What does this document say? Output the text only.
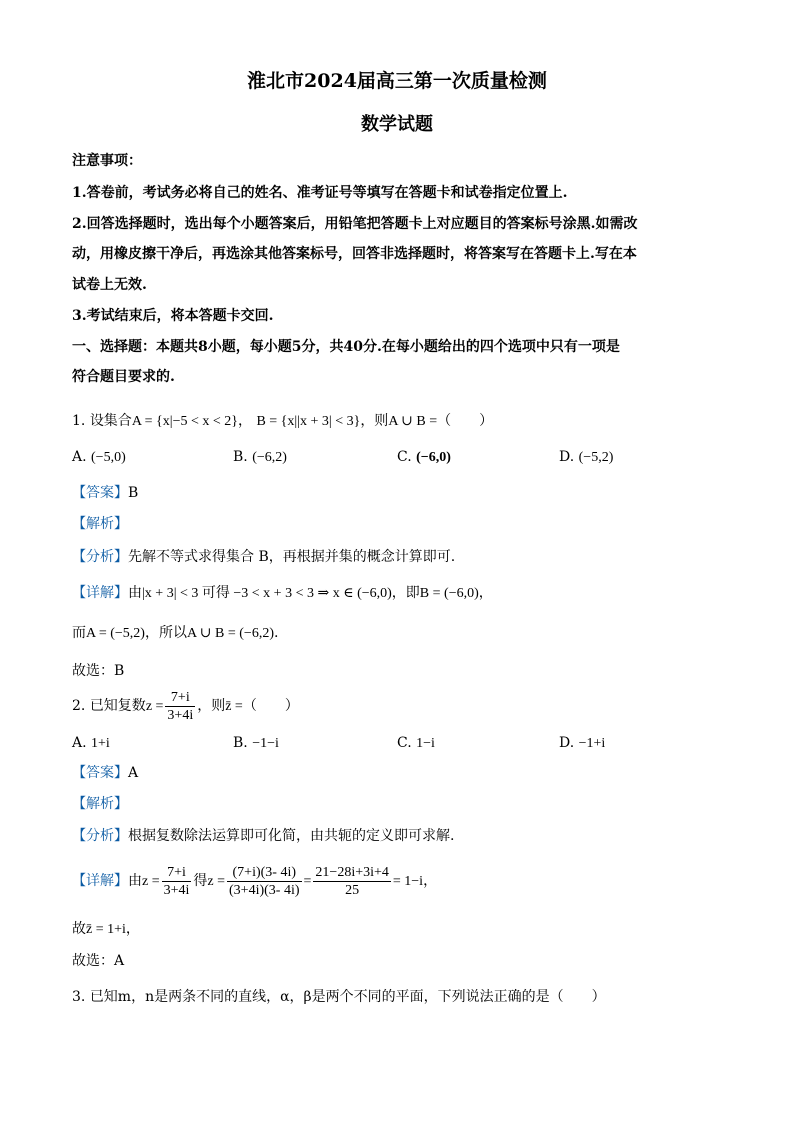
淮北市2024届高三第一次质量检测
数学试题
注意事项：
1.答卷前，考试务必将自己的姓名、准考证号等填写在答题卡和试卷指定位置上.
2.回答选择题时，选出每个小题答案后，用铅笔把答题卡上对应题目的答案标号涂黑.如需改
动，用橡皮擦干净后，再选涂其他答案标号，回答非选择题时，将答案写在答题卡上.写在本
试卷上无效.
3.考试结束后，将本答题卡交回.
一、选择题：本题共8小题，每小题5分，共40分.在每小题给出的四个选项中只有一项是
符合题目要求的.
1. 设集合A = {x|−5 < x < 2}， B = {x||x + 3| < 3}，则A ∪ B =（　　）
A. (−5,0)	B. (−6,2)	C. (−6,0)	D. (−5,2)
【答案】B
【解析】
【分析】先解不等式求得集合 B，再根据并集的概念计算即可.
【详解】由|x + 3| < 3 可得 −3 < x + 3 < 3 ⇒ x ∈ (−6,0)，即B = (−6,0)，
而A = (−5,2)，所以A ∪ B = (−6,2).
故选：B
2. 已知复数$z = \frac{7+i}{3+4i}$ ，则z̄ =（　　）
A. 1+i	B. −1−i	C. 1−i	D. −1+i
【答案】A
【解析】
【分析】根据复数除法运算即可化简，由共轭的定义即可求解.
【详解】由$z = \frac{7+i}{3+4i}$ 得$z = \frac{(7+i)(3- 4i)}{(3+4i)(3- 4i)} = \frac{21-28i+3i+4}{25} = 1-i$，
故z̄ = 1+i，
故选：A
3. 已知m，n是两条不同的直线，α，β是两个不同的平面，下列说法正确的是（　　）
